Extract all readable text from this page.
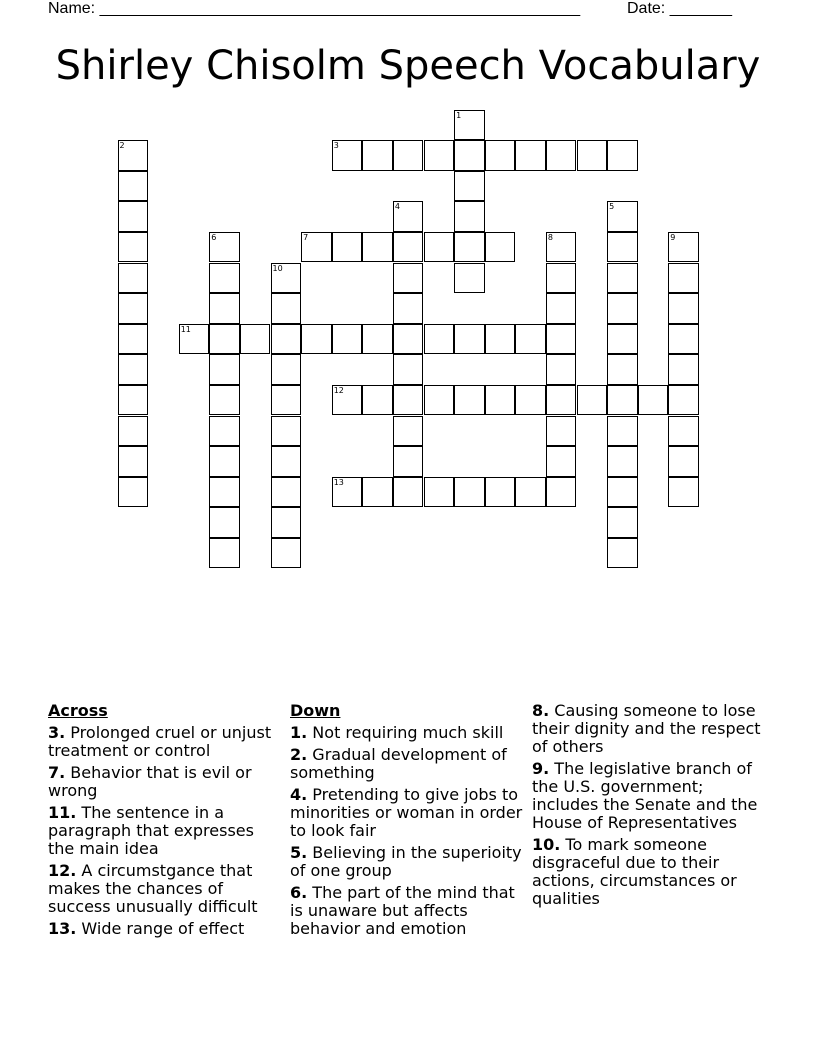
Name: ______________________________________________________	Date: _______
Shirley Chisolm Speech Vocabulary
1
2	3
4	5
6	7	8	9
10
11
12
13
Across
3. Prolonged cruel or unjust treatment or control
7. Behavior that is evil or wrong
11. The sentence in a paragraph that expresses the main idea
12. A circumstgance that makes the chances of success unusually difficult
13. Wide range of effect
Down
1. Not requiring much skill
2. Gradual development of something
4. Pretending to give jobs to minorities or woman in order to look fair
5. Believing in the superioity of one group
6. The part of the mind that is unaware but affects behavior and emotion
8. Causing someone to lose their dignity and the respect of others
9. The legislative branch of the U.S. government; includes the Senate and the House of Representatives
10. To mark someone disgraceful due to their actions, circumstances or qualities
